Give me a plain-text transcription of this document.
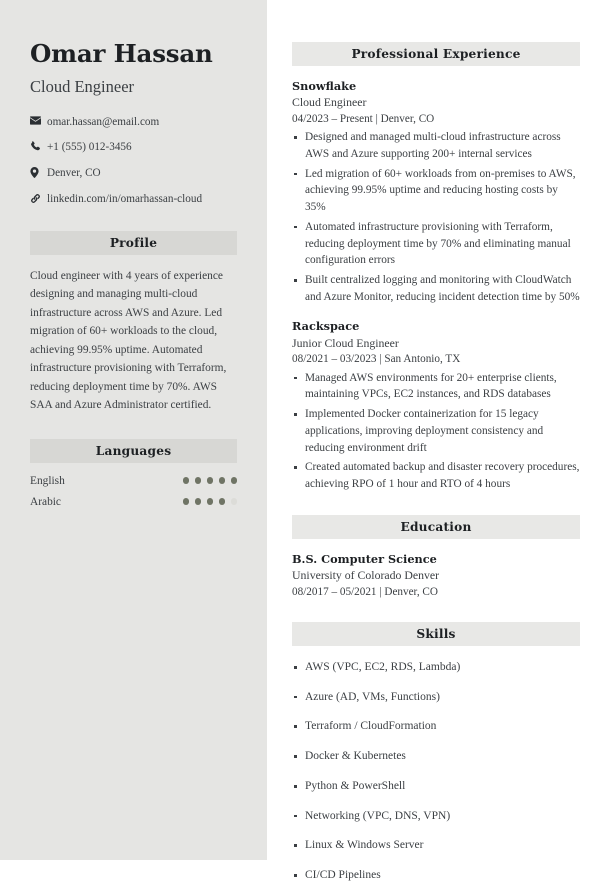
Omar Hassan
Cloud Engineer
omar.hassan@email.com
+1 (555) 012-3456
Denver, CO
linkedin.com/in/omarhassan-cloud
Profile

Cloud engineer with 4 years of experience designing and managing multi-cloud infrastructure across AWS and Azure. Led migration of 60+ workloads to the cloud, achieving 99.95% uptime. Automated infrastructure provisioning with Terraform, reducing deployment time by 70%. AWS SAA and Azure Administrator certified.

Languages
English
Arabic
Professional Experience
Snowflake
Cloud Engineer
04/2023 – Present | Denver, CO
Designed and managed multi-cloud infrastructure across AWS and Azure supporting 200+ internal services
Led migration of 60+ workloads from on-premises to AWS, achieving 99.95% uptime and reducing hosting costs by 35%
Automated infrastructure provisioning with Terraform, reducing deployment time by 70% and eliminating manual configuration errors
Built centralized logging and monitoring with CloudWatch and Azure Monitor, reducing incident detection time by 50%
Rackspace
Junior Cloud Engineer
08/2021 – 03/2023 | San Antonio, TX
Managed AWS environments for 20+ enterprise clients, maintaining VPCs, EC2 instances, and RDS databases
Implemented Docker containerization for 15 legacy applications, improving deployment consistency and reducing environment drift
Created automated backup and disaster recovery procedures, achieving RPO of 1 hour and RTO of 4 hours
Education
B.S. Computer Science
University of Colorado Denver
08/2017 – 05/2021 | Denver, CO
Skills
AWS (VPC, EC2, RDS, Lambda)
Azure (AD, VMs, Functions)
Terraform / CloudFormation
Docker & Kubernetes
Python & PowerShell
Networking (VPC, DNS, VPN)
Linux & Windows Server
CI/CD Pipelines
